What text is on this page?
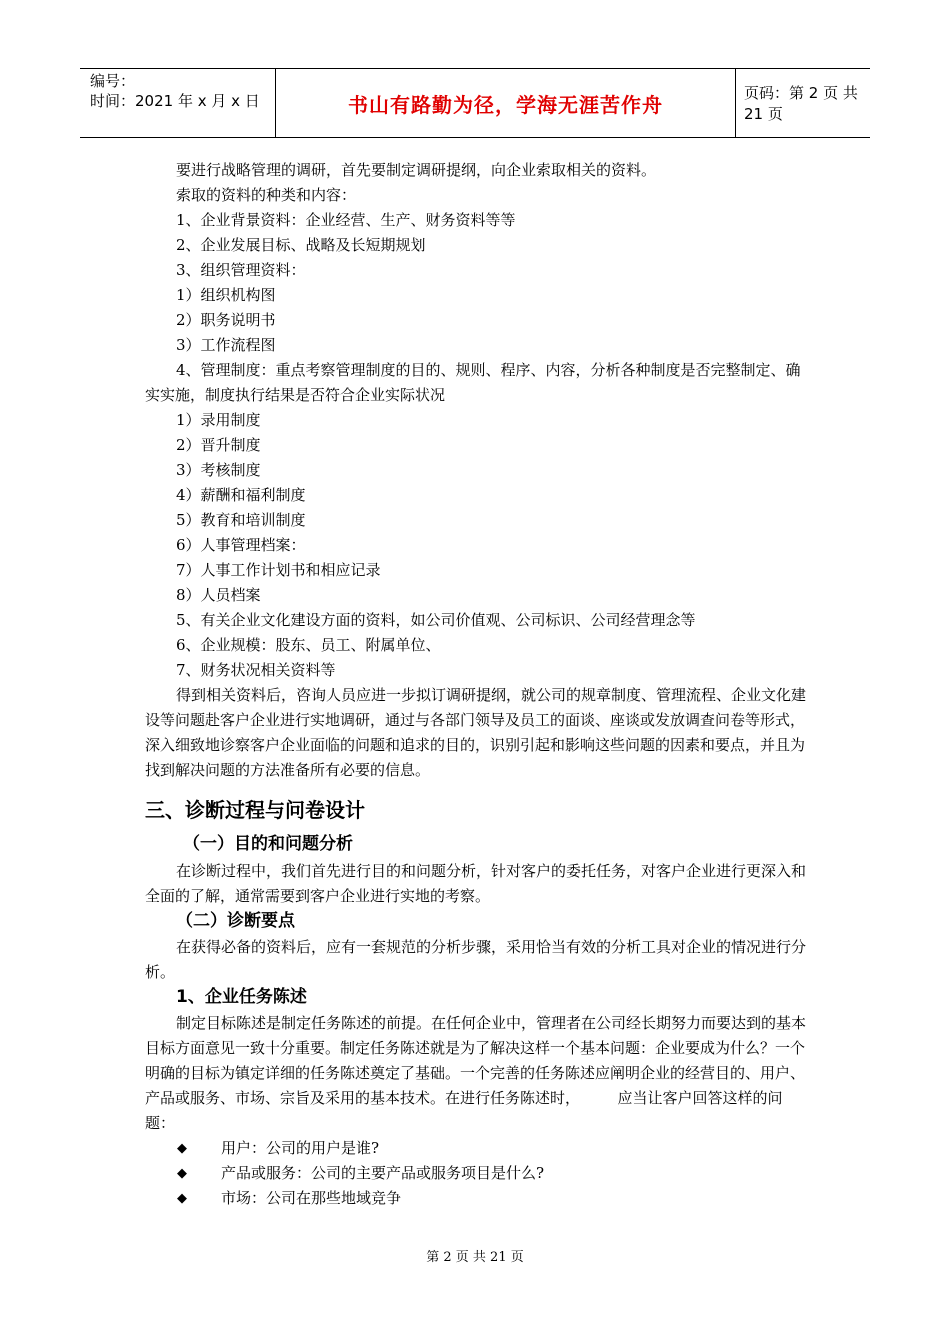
编号：
时间：2021 年 x 月 x 日	书山有路勤为径，学海无涯苦作舟	页码：第 2 页 共 21 页

要进行战略管理的调研，首先要制定调研提纲，向企业索取相关的资料。

索取的资料的种类和内容：

1、企业背景资料：企业经营、生产、财务资料等等

2、企业发展目标、战略及长短期规划

3、组织管理资料：

1）组织机构图

2）职务说明书

3）工作流程图

4、管理制度：重点考察管理制度的目的、规则、程序、内容，分析各种制度是否完整制定、确实实施，制度执行结果是否符合企业实际状况

1）录用制度

2）晋升制度

3）考核制度

4）薪酬和福利制度

5）教育和培训制度

6）人事管理档案：

7）人事工作计划书和相应记录

8）人员档案

5、有关企业文化建设方面的资料，如公司价值观、公司标识、公司经营理念等

6、企业规模：股东、员工、附属单位、

7、财务状况相关资料等

得到相关资料后，咨询人员应进一步拟订调研提纲，就公司的规章制度、管理流程、企业文化建设等问题赴客户企业进行实地调研，通过与各部门领导及员工的面谈、座谈或发放调查问卷等形式，深入细致地诊察客户企业面临的问题和追求的目的，识别引起和影响这些问题的因素和要点，并且为找到解决问题的方法准备所有必要的信息。

三、诊断过程与问卷设计
（一）目的和问题分析

在诊断过程中，我们首先进行目的和问题分析，针对客户的委托任务，对客户企业进行更深入和全面的了解，通常需要到客户企业进行实地的考察。

（二）诊断要点

在获得必备的资料后，应有一套规范的分析步骤，采用恰当有效的分析工具对企业的情况进行分析。

1、企业任务陈述

制定目标陈述是制定任务陈述的前提。在任何企业中，管理者在公司经长期努力而要达到的基本目标方面意见一致十分重要。制定任务陈述就是为了解决这样一个基本问题：企业要成为什么？一个明确的目标为镇定详细的任务陈述奠定了基础。一个完善的任务陈述应阐明企业的经营目的、用户、产品或服务、市场、宗旨及采用的基本技术。在进行任务陈述时，　　　应当让客户回答这样的问题：

◆	用户：公司的用户是谁?
◆	产品或服务：公司的主要产品或服务项目是什么?
◆	市场：公司在那些地域竞争
第 2 页 共 21 页
